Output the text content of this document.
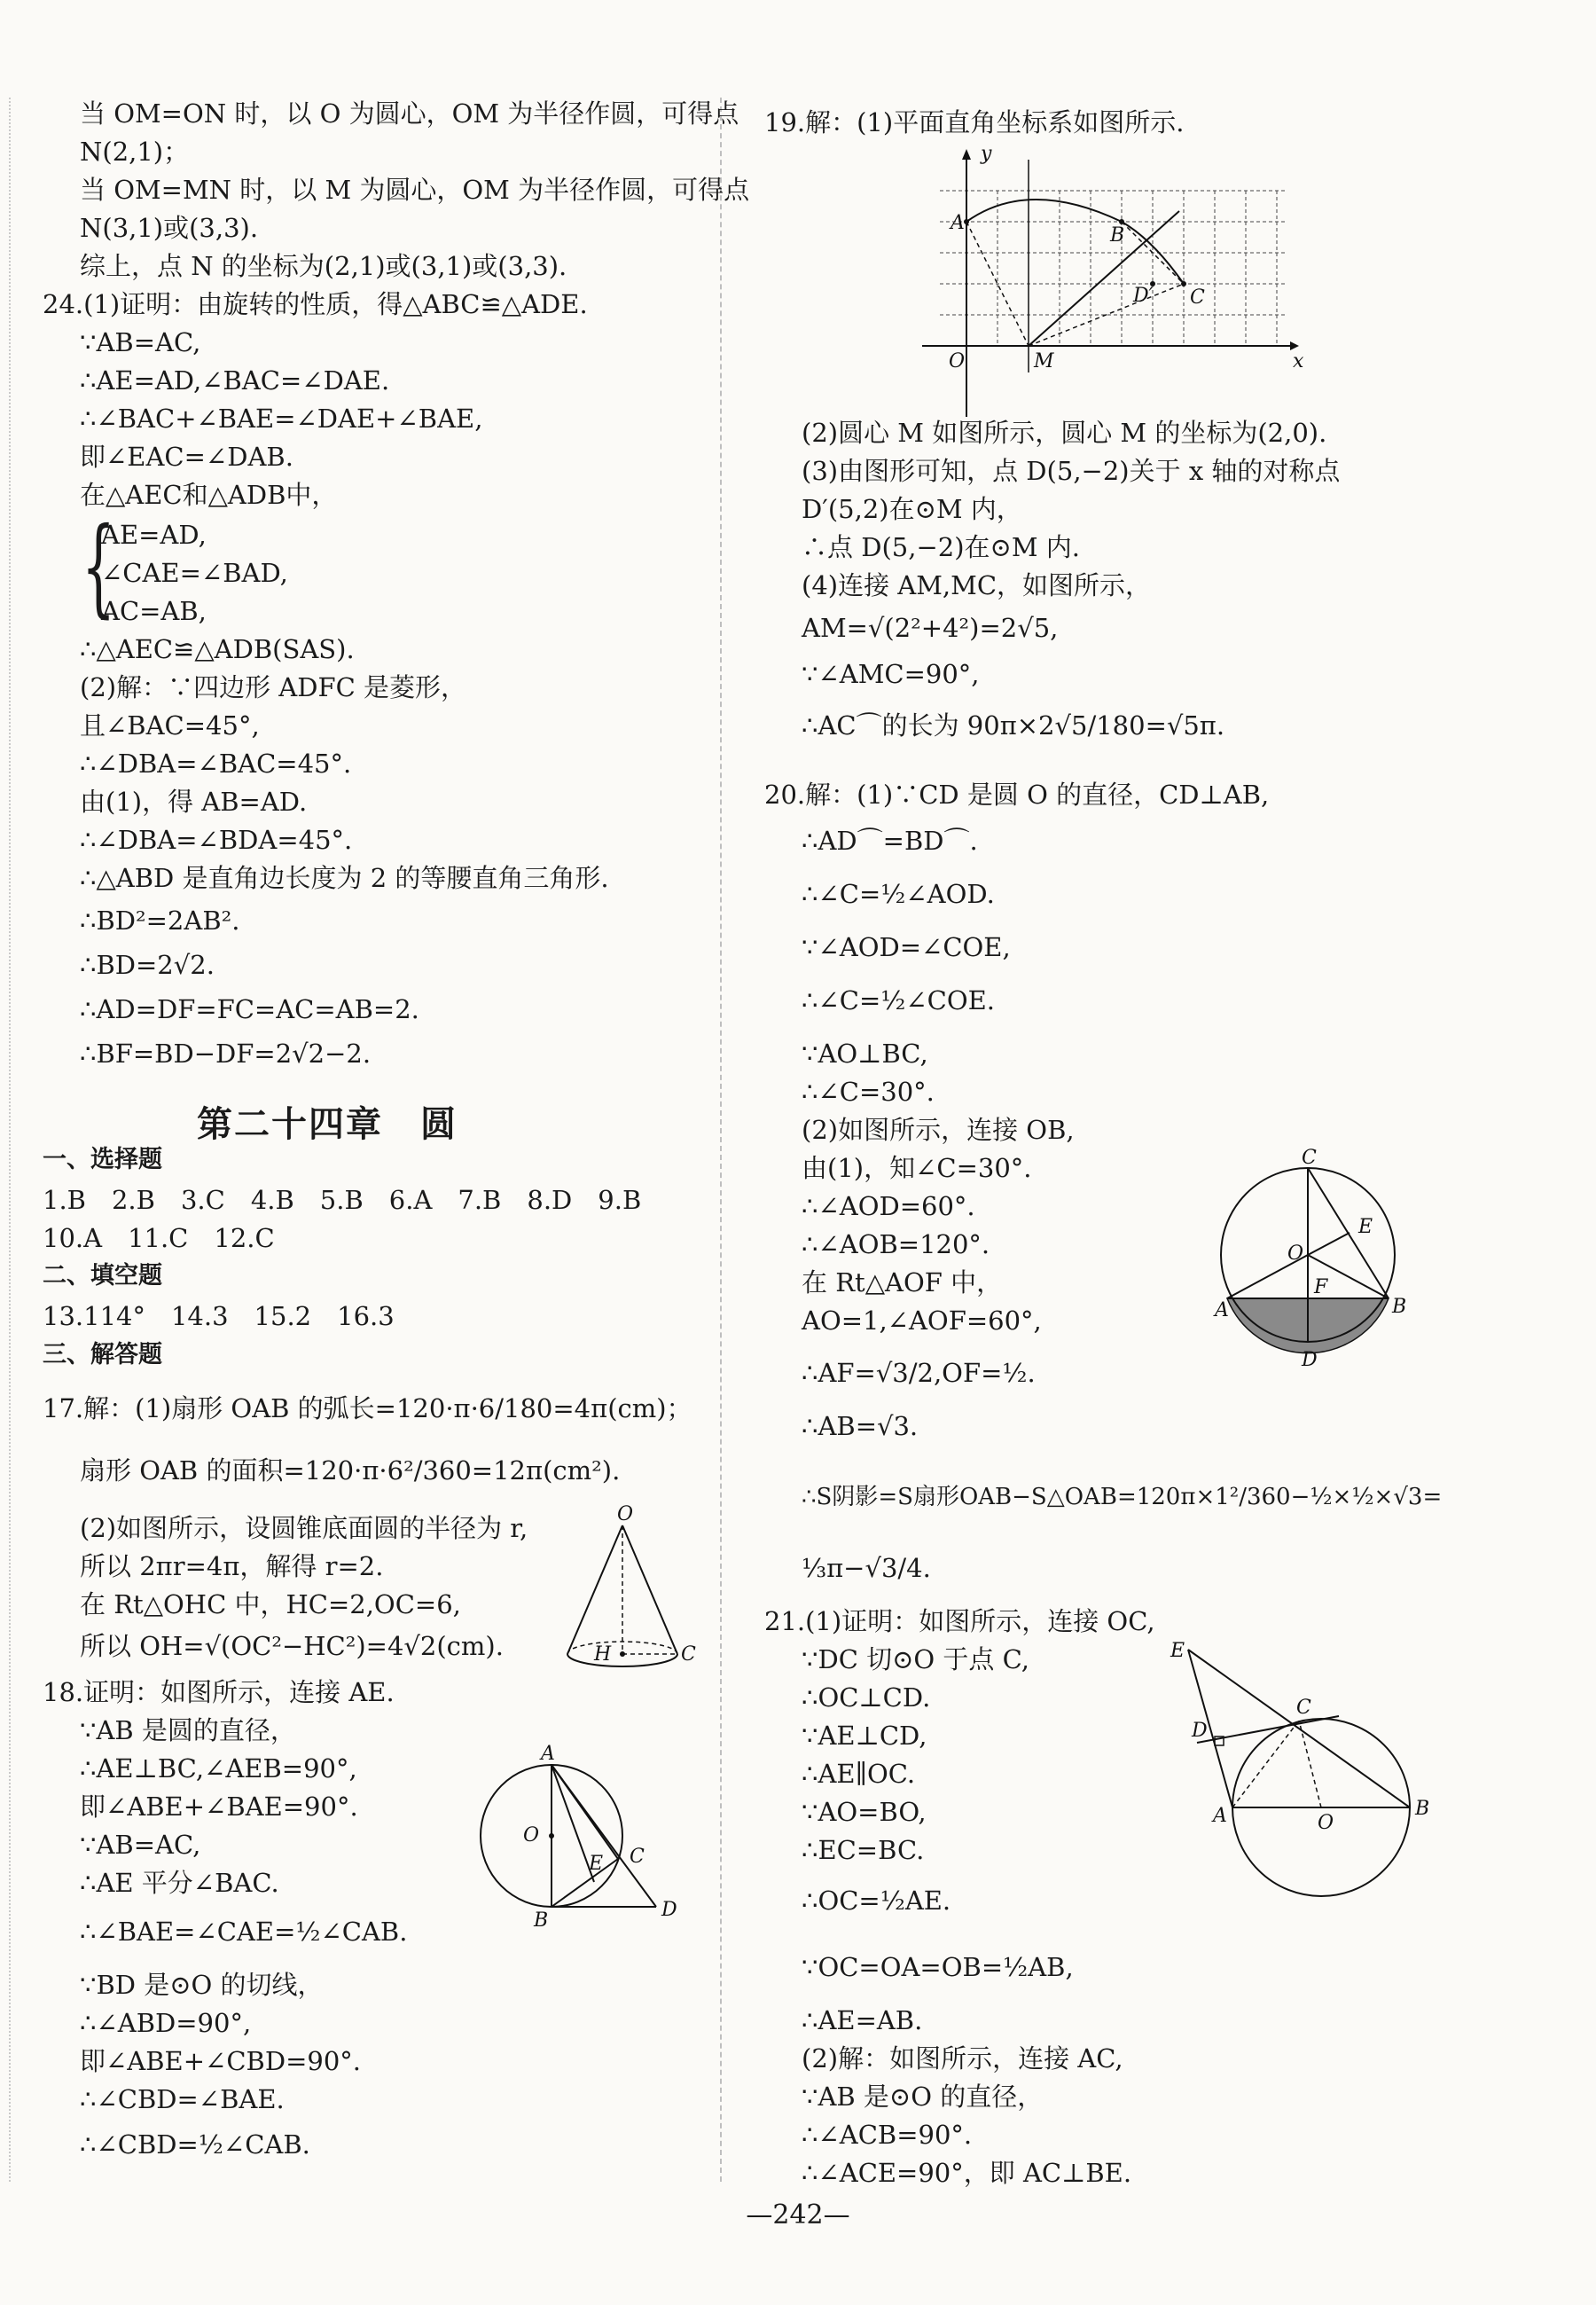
当 OM=ON 时，以 O 为圆心，OM 为半径作圆，可得点
N(2,1)；
当 OM=MN 时，以 M 为圆心，OM 为半径作圆，可得点
N(3,1)或(3,3).
综上，点 N 的坐标为(2,1)或(3,1)或(3,3).
24.(1)证明：由旋转的性质，得△ABC≌△ADE.
∵AB=AC,
∴AE=AD,∠BAC=∠DAE.
∴∠BAC+∠BAE=∠DAE+∠BAE,
即∠EAC=∠DAB.
在△AEC和△ADB中，
{
AE=AD,
∠CAE=∠BAD,
AC=AB,
∴△AEC≌△ADB(SAS).
(2)解：∵四边形 ADFC 是菱形，
且∠BAC=45°,
∴∠DBA=∠BAC=45°.
由(1)，得 AB=AD.
∴∠DBA=∠BDA=45°.
∴△ABD 是直角边长度为 2 的等腰直角三角形.
∴BD²=2AB².
∴BD=2√2.
∴AD=DF=FC=AC=AB=2.
∴BF=BD−DF=2√2−2.
一、选择题
1.B　2.B　3.C　4.B　5.B　6.A　7.B　8.D　9.B
10.A　11.C　12.C
二、填空题
13.114°　14.3　15.2　16.3
三、解答题
17.解：(1)扇形 OAB 的弧长=120·π·6/180=4π(cm)；
扇形 OAB 的面积=120·π·6²/360=12π(cm²).
(2)如图所示，设圆锥底面圆的半径为 r,
所以 2πr=4π，解得 r=2.
在 Rt△OHC 中，HC=2,OC=6,
所以 OH=√(OC²−HC²)=4√2(cm).
18.证明：如图所示，连接 AE.
∵AB 是圆的直径，
∴AE⊥BC,∠AEB=90°,
即∠ABE+∠BAE=90°.
∵AB=AC,
∴AE 平分∠BAC.
∴∠BAE=∠CAE=½∠CAB.
∵BD 是⊙O 的切线，
∴∠ABD=90°,
即∠ABE+∠CBD=90°.
∴∠CBD=∠BAE.
∴∠CBD=½∠CAB.
第二十四章　圆
O
H	C
A
O
E C
B	D
19.解：(1)平面直角坐标系如图所示.
(2)圆心 M 如图所示，圆心 M 的坐标为(2,0).
(3)由图形可知，点 D(5,−2)关于 x 轴的对称点
D′(5,2)在⊙M 内，
∴点 D(5,−2)在⊙M 内.
(4)连接 AM,MC，如图所示，
AM=√(2²+4²)=2√5,
∵∠AMC=90°,
∴AC⌒的长为 90π×2√5/180=√5π.
20.解：(1)∵CD 是圆 O 的直径，CD⊥AB,
∴AD⌒=BD⌒.
∴∠C=½∠AOD.
∵∠AOD=∠COE,
∴∠C=½∠COE.
∵AO⊥BC,
∴∠C=30°.
(2)如图所示，连接 OB,
由(1)，知∠C=30°.
∴∠AOD=60°.
∴∠AOB=120°.
在 Rt△AOF 中，
AO=1,∠AOF=60°,
∴AF=√3/2,OF=½.
∴AB=√3.
∴S阴影=S扇形OAB−S△OAB=120π×1²/360−½×½×√3=
⅓π−√3/4.
21.(1)证明：如图所示，连接 OC,
∵DC 切⊙O 于点 C,
∴OC⊥CD.
∵AE⊥CD,
∴AE∥OC.
∵AO=BO,
∴EC=BC.
∴OC=½AE.
∵OC=OA=OB=½AB,
∴AE=AB.
(2)解：如图所示，连接 AC,
∵AB 是⊙O 的直径，
∴∠ACB=90°.
∴∠ACE=90°，即 AC⊥BE.
y
x
O	M
A
B
C
D′
C
E
O
F
A	B
D
E
C
D
A	O
B
—242—
